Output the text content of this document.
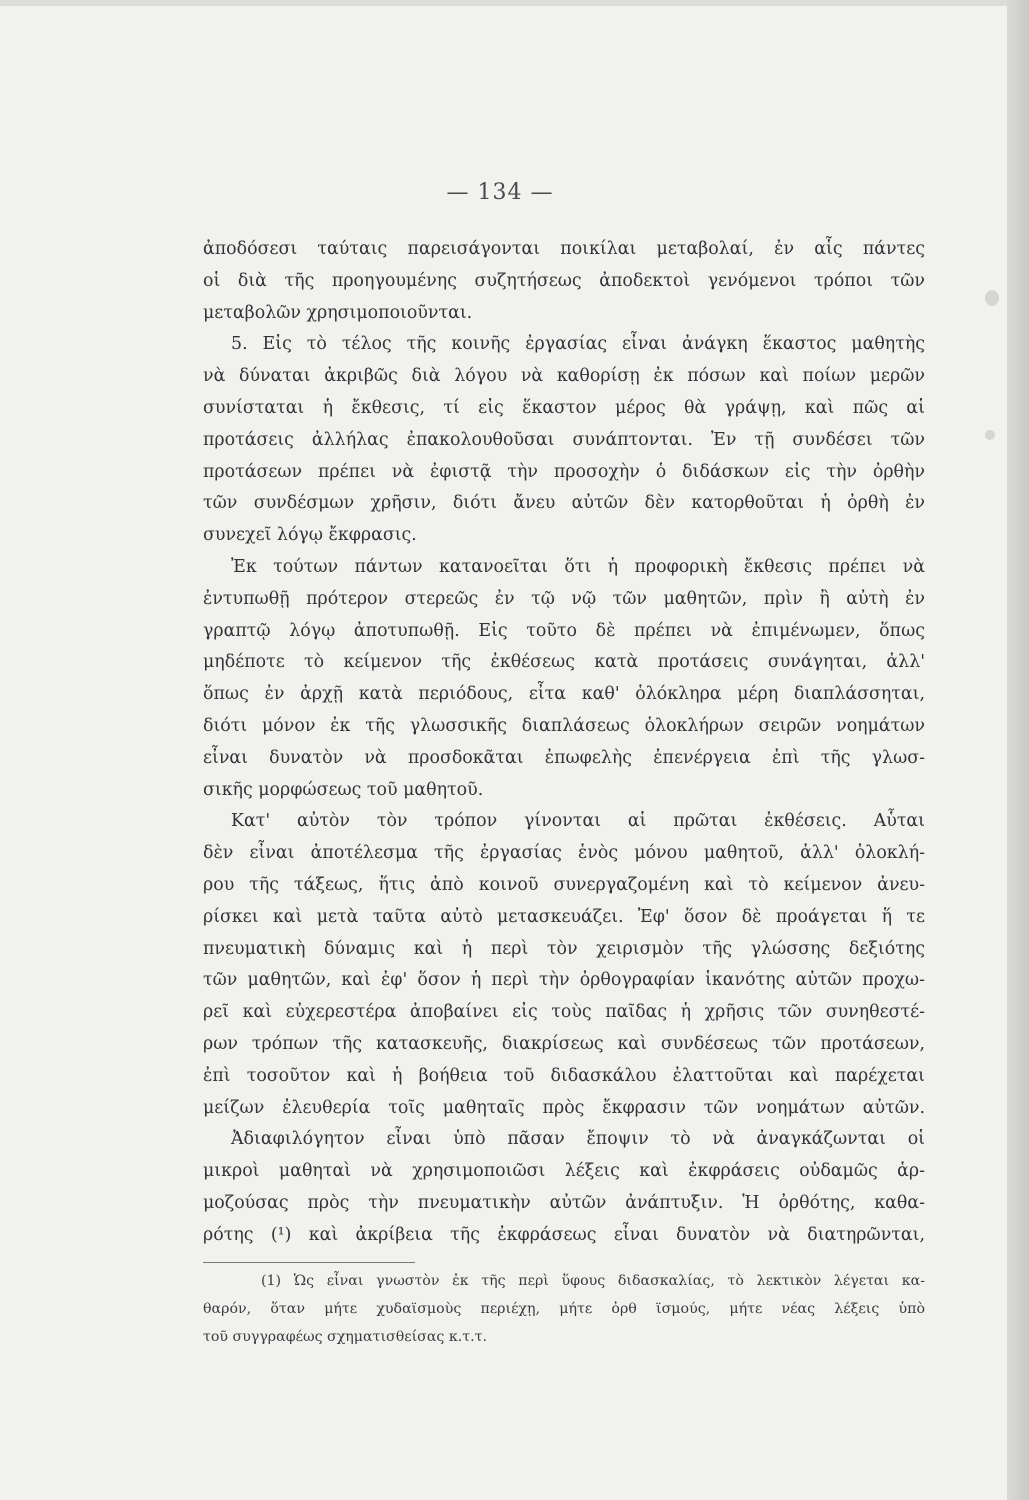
— 134 —
ἀποδόσεσι ταύταις παρεισάγονται ποικίλαι μεταβολαί, ἐν αἷς πάντες
οἱ διὰ τῆς προηγουμένης συζητήσεως ἀποδεκτοὶ γενόμενοι τρόποι τῶν
μεταβολῶν χρησιμοποιοῦνται.
5. Εἰς τὸ τέλος τῆς κοινῆς ἐργασίας εἶναι ἀνάγκη ἕκαστος μαθητὴς
νὰ δύναται ἀκριβῶς διὰ λόγου νὰ καθορίσῃ ἐκ πόσων καὶ ποίων μερῶν
συνίσταται ἡ ἔκθεσις, τί εἰς ἕκαστον μέρος θὰ γράψῃ, καὶ πῶς αἱ
προτάσεις ἀλλήλας ἐπακολουθοῦσαι συνάπτονται. Ἐν τῇ συνδέσει τῶν
προτάσεων πρέπει νὰ ἐφιστᾷ τὴν προσοχὴν ὁ διδάσκων εἰς τὴν ὀρθὴν
τῶν συνδέσμων χρῆσιν, διότι ἄνευ αὐτῶν δὲν κατορθοῦται ἡ ὀρθὴ ἐν
συνεχεῖ λόγῳ ἔκφρασις.
Ἐκ τούτων πάντων κατανοεῖται ὅτι ἡ προφορικὴ ἔκθεσις πρέπει νὰ
ἐντυπωθῇ πρότερον στερεῶς ἐν τῷ νῷ τῶν μαθητῶν, πρὶν ἢ αὐτὴ ἐν
γραπτῷ λόγῳ ἀποτυπωθῇ. Εἰς τοῦτο δὲ πρέπει νὰ ἐπιμένωμεν, ὅπως
μηδέποτε τὸ κείμενον τῆς ἐκθέσεως κατὰ προτάσεις συνάγηται, ἀλλ'
ὅπως ἐν ἀρχῇ κατὰ περιόδους, εἶτα καθ' ὁλόκληρα μέρη διαπλάσσηται,
διότι μόνον ἐκ τῆς γλωσσικῆς διαπλάσεως ὁλοκλήρων σειρῶν νοημάτων
εἶναι δυνατὸν νὰ προσδοκᾶται ἐπωφελὴς ἐπενέργεια ἐπὶ τῆς γλωσ-
σικῆς μορφώσεως τοῦ μαθητοῦ.
Κατ' αὐτὸν τὸν τρόπον γίνονται αἱ πρῶται ἐκθέσεις. Αὗται
δὲν εἶναι ἀποτέλεσμα τῆς ἐργασίας ἑνὸς μόνου μαθητοῦ, ἀλλ' ὁλοκλή-
ρου τῆς τάξεως, ἥτις ἀπὸ κοινοῦ συνεργαζομένη καὶ τὸ κείμενον ἀνευ-
ρίσκει καὶ μετὰ ταῦτα αὐτὸ μετασκευάζει. Ἐφ' ὅσον δὲ προάγεται ἥ τε
πνευματικὴ δύναμις καὶ ἡ περὶ τὸν χειρισμὸν τῆς γλώσσης δεξιότης
τῶν μαθητῶν, καὶ ἐφ' ὅσον ἡ περὶ τὴν ὀρθογραφίαν ἱκανότης αὐτῶν προχω-
ρεῖ καὶ εὐχερεστέρα ἀποβαίνει εἰς τοὺς παῖδας ἡ χρῆσις τῶν συνηθεστέ-
ρων τρόπων τῆς κατασκευῆς, διακρίσεως καὶ συνδέσεως τῶν προτάσεων,
ἐπὶ τοσοῦτον καὶ ἡ βοήθεια τοῦ διδασκάλου ἐλαττοῦται καὶ παρέχεται
μείζων ἐλευθερία τοῖς μαθηταῖς πρὸς ἔκφρασιν τῶν νοημάτων αὐτῶν.
Ἀδιαφιλόγητον εἶναι ὑπὸ πᾶσαν ἔποψιν τὸ νὰ ἀναγκάζωνται οἱ
μικροὶ μαθηταὶ νὰ χρησιμοποιῶσι λέξεις καὶ ἐκφράσεις οὐδαμῶς ἁρ-
μοζούσας πρὸς τὴν πνευματικὴν αὐτῶν ἀνάπτυξιν. Ἡ ὀρθότης, καθα-
ρότης (¹) καὶ ἀκρίβεια τῆς ἐκφράσεως εἶναι δυνατὸν νὰ διατηρῶνται,
(1) Ὡς εἶναι γνωστὸν ἐκ τῆς περὶ ὕφους διδασκαλίας, τὸ λεκτικὸν λέγεται κα-
θαρόν, ὅταν μήτε χυδαϊσμοὺς περιέχῃ, μήτε ὀρθ ϊσμούς, μήτε νέας λέξεις ὑπὸ
τοῦ συγγραφέως σχηματισθείσας κ.τ.τ.
